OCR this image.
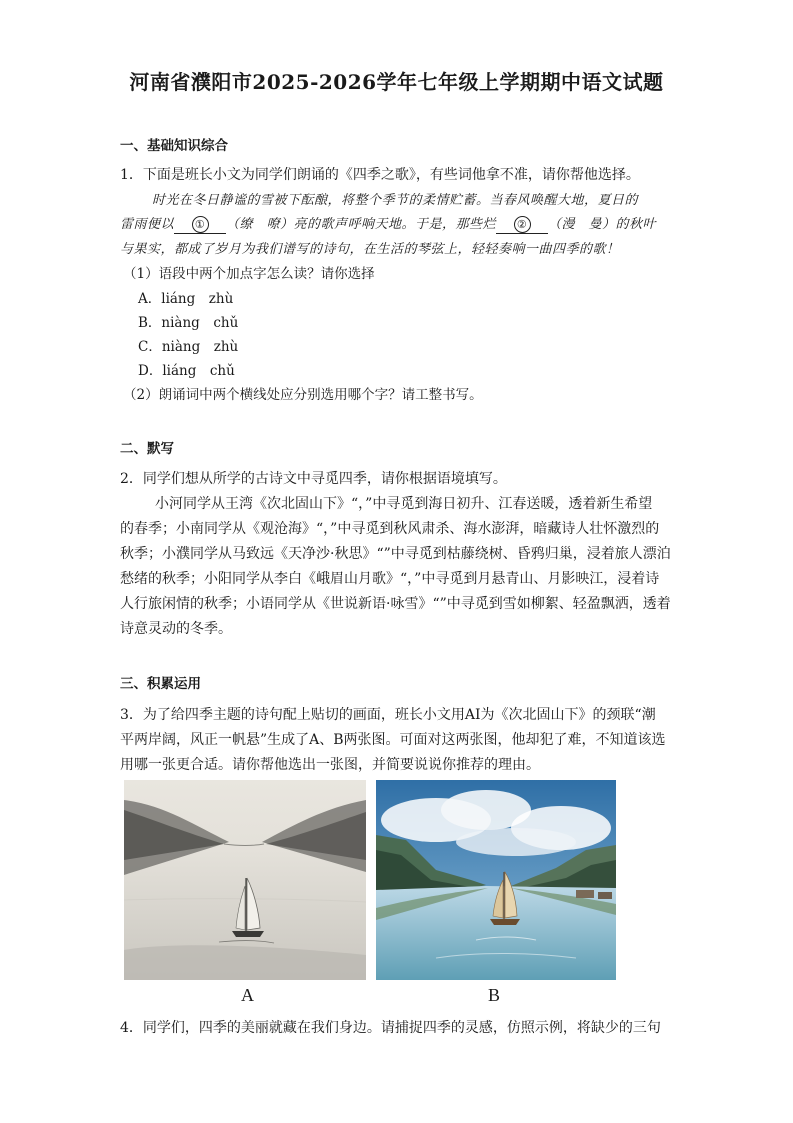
河南省濮阳市2025-2026学年七年级上学期期中语文试题
一、基础知识综合
1．下面是班长小文为同学们朗诵的《四季之歌》，有些词他拿不准，请你帮他选择。
时光在冬日静谧的雪被下酝酿，将整个季节的柔情贮蓄。当春风唤醒大地，夏日的
雷雨便以 ① （缭　嘹）亮的歌声呼响天地。于是，那些烂 ② （漫　曼）的秋叶
与果实，都成了岁月为我们谱写的诗句，在生活的琴弦上，轻轻奏响一曲四季的歌！
（1）语段中两个加点字怎么读？请你选择
A．liáng　zhù
B．niàng　chǔ
C．niàng　zhù
D．liáng　chǔ
（2）朗诵词中两个横线处应分别选用哪个字？请工整书写。
二、默写
2．同学们想从所学的古诗文中寻觅四季，请你根据语境填写。
小河同学从王湾《次北固山下》“，”中寻觅到海日初升、江春送暖，透着新生希望
的春季；小南同学从《观沧海》“，”中寻觅到秋风肃杀、海水澎湃，暗藏诗人壮怀激烈的
秋季；小濮同学从马致远《天净沙·秋思》“”中寻觅到枯藤绕树、昏鸦归巢，浸着旅人漂泊
愁绪的秋季；小阳同学从李白《峨眉山月歌》“，”中寻觅到月悬青山、月影映江，浸着诗
人行旅闲情的秋季；小语同学从《世说新语·咏雪》“”中寻觅到雪如柳絮、轻盈飘洒，透着
诗意灵动的冬季。
三、积累运用
3．为了给四季主题的诗句配上贴切的画面，班长小文用AI为《次北固山下》的颈联“潮
平两岸阔，风正一帆悬”生成了A、B两张图。可面对这两张图，他却犯了难，不知道该选
用哪一张更合适。请你帮他选出一张图，并简要说说你推荐的理由。
A	B
4．同学们，四季的美丽就藏在我们身边。请捕捉四季的灵感，仿照示例，将缺少的三句
